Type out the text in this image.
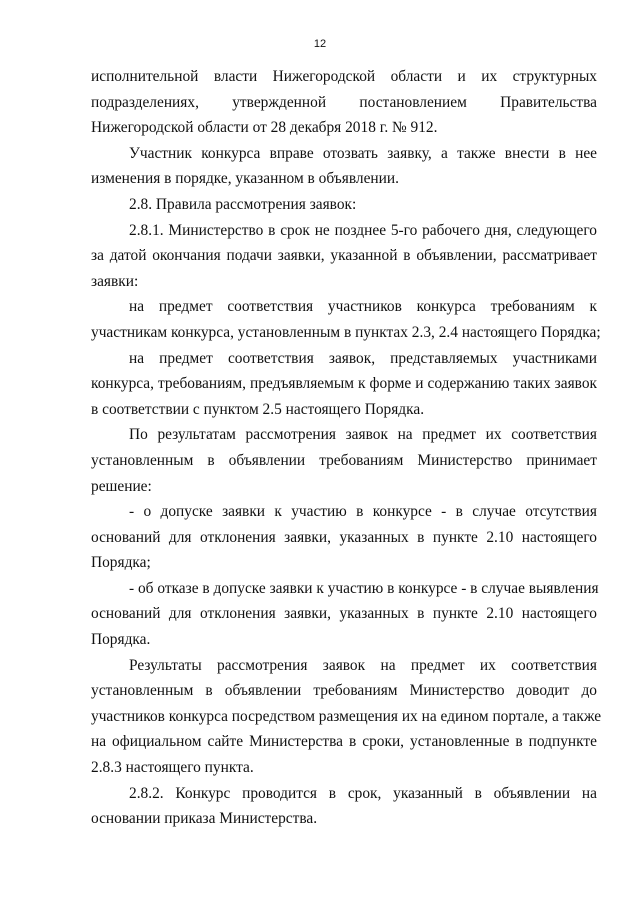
12
исполнительной власти Нижегородской области и их структурных
подразделениях, утвержденной постановлением Правительства
Нижегородской области от 28 декабря 2018 г. № 912.
Участник конкурса вправе отозвать заявку, а также внести в нее
изменения в порядке, указанном в объявлении.
2.8. Правила рассмотрения заявок:
2.8.1. Министерство в срок не позднее 5-го рабочего дня, следующего
за датой окончания подачи заявки, указанной в объявлении, рассматривает
заявки:
на предмет соответствия участников конкурса требованиям к
участникам конкурса, установленным в пунктах 2.3, 2.4 настоящего Порядка;
на предмет соответствия заявок, представляемых участниками
конкурса, требованиям, предъявляемым к форме и содержанию таких заявок
в соответствии с пунктом 2.5 настоящего Порядка.
По результатам рассмотрения заявок на предмет их соответствия
установленным в объявлении требованиям Министерство принимает
решение:
- о допуске заявки к участию в конкурсе - в случае отсутствия
оснований для отклонения заявки, указанных в пункте 2.10 настоящего
Порядка;
- об отказе в допуске заявки к участию в конкурсе - в случае выявления
оснований для отклонения заявки, указанных в пункте 2.10 настоящего
Порядка.
Результаты рассмотрения заявок на предмет их соответствия
установленным в объявлении требованиям Министерство доводит до
участников конкурса посредством размещения их на едином портале, а также
на официальном сайте Министерства в сроки, установленные в подпункте
2.8.3 настоящего пункта.
2.8.2. Конкурс проводится в срок, указанный в объявлении на
основании приказа Министерства.
